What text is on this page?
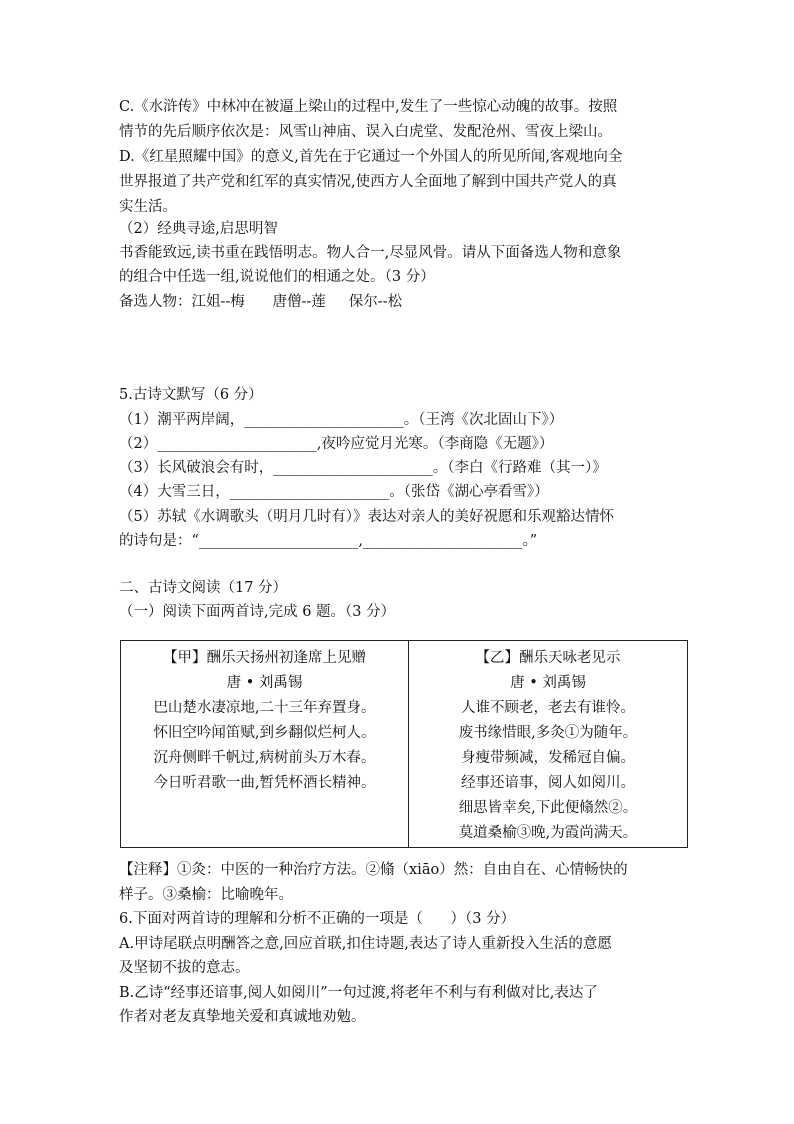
C.《水浒传》中林冲在被逼上梁山的过程中,发生了一些惊心动魄的故事。按照
情节的先后顺序依次是：风雪山神庙、误入白虎堂、发配沧州、雪夜上梁山。
D.《红星照耀中国》的意义,首先在于它通过一个外国人的所见所闻,客观地向全
世界报道了共产党和红军的真实情况,使西方人全面地了解到中国共产党人的真
实生活。
（2）经典寻途,启思明智
书香能致远,读书重在践悟明志。物人合一,尽显风骨。请从下面备选人物和意象
的组合中任选一组,说说他们的相通之处。（3 分）
备选人物：江姐--梅      唐僧--莲     保尔--松
5.古诗文默写（6 分）
（1）潮平两岸阔，______________________。（王湾《次北固山下》）
（2）______________________,夜吟应觉月光寒。（李商隐《无题》）
（3）长风破浪会有时，______________________。（李白《行路难（其一）》
（4）大雪三日，______________________。（张岱《湖心亭看雪》）
（5）苏轼《水调歌头（明月几时有）》表达对亲人的美好祝愿和乐观豁达情怀
的诗句是：“______________________,______________________。”
二、古诗文阅读（17 分）
（一）阅读下面两首诗,完成 6 题。（3 分）
【甲】酬乐天扬州初逢席上见赠
唐 • 刘禹锡
巴山楚水凄凉地,二十三年弃置身。
怀旧空吟闻笛赋,到乡翻似烂柯人。
沉舟侧畔千帆过,病树前头万木春。
今日听君歌一曲,暂凭杯酒长精神。

【乙】酬乐天咏老见示
唐 • 刘禹锡
人谁不顾老，老去有谁怜。
废书缘惜眼,多灸①为随年。
身瘦带频减，发稀冠自偏。
经事还谙事，阅人如阅川。
细思皆幸矣,下此便翛然②。
莫道桑榆③晚,为霞尚满天。
【注释】①灸：中医的一种治疗方法。②翛（xiāo）然：自由自在、心情畅快的
样子。③桑榆：比喻晚年。
6.下面对两首诗的理解和分析不正确的一项是（      ）（3 分）
A.甲诗尾联点明酬答之意,回应首联,扣住诗题,表达了诗人重新投入生活的意愿
及坚韧不拔的意志。
B.乙诗“经事还谙事,阅人如阅川”一句过渡,将老年不利与有利做对比,表达了
作者对老友真挚地关爱和真诚地劝勉。
